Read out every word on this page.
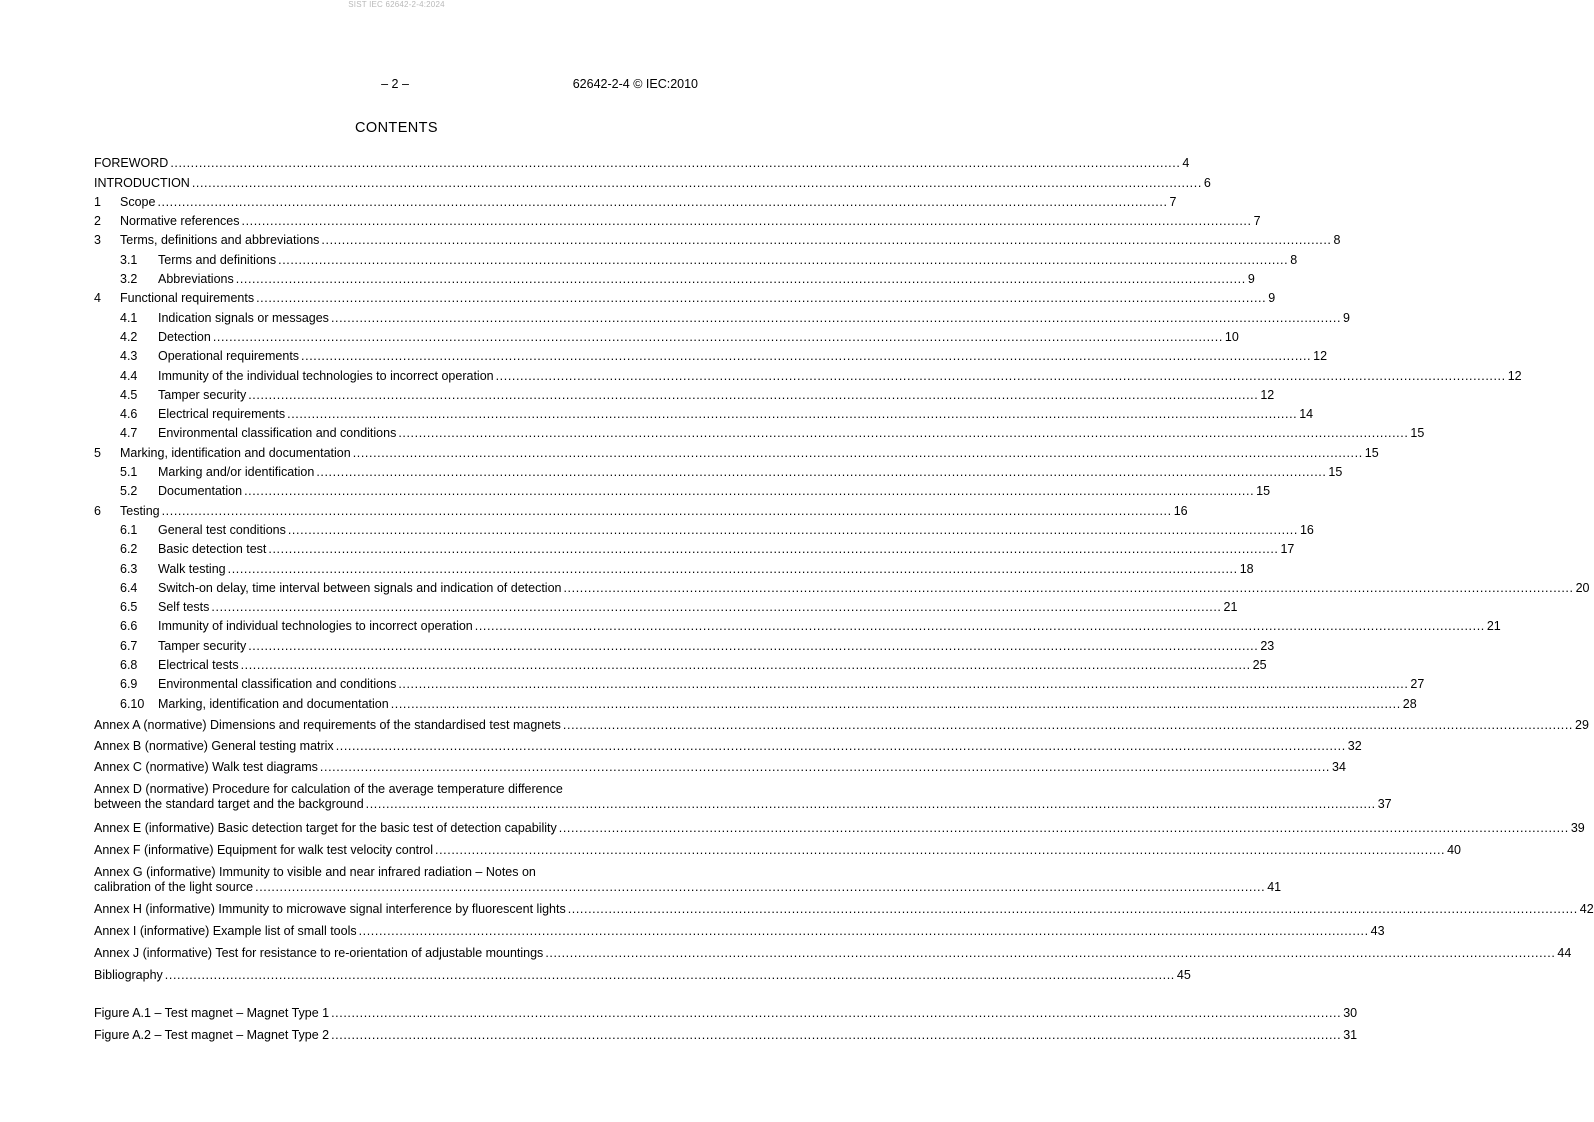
SIST IEC 62642-2-4:2024
– 2 –	62642-2-4 © IEC:2010
CONTENTS
FOREWORD .....	4
INTRODUCTION .....	6
1	Scope .....	7
2	Normative references .....	7
3	Terms, definitions and abbreviations .....	8
3.1	Terms and definitions .....	8
3.2	Abbreviations .....	9
4	Functional requirements .....	9
4.1	Indication signals or messages .....	9
4.2	Detection .....	10
4.3	Operational requirements .....	12
4.4	Immunity of the individual technologies to incorrect operation .....	12
4.5	Tamper security .....	12
4.6	Electrical requirements .....	14
4.7	Environmental classification and conditions .....	15
5	Marking, identification and documentation .....	15
5.1	Marking and/or identification .....	15
5.2	Documentation .....	15
6	Testing .....	16
6.1	General test conditions .....	16
6.2	Basic detection test .....	17
6.3	Walk testing .....	18
6.4	Switch-on delay, time interval between signals and indication of detection .....	20
6.5	Self tests .....	21
6.6	Immunity of individual technologies to incorrect operation .....	21
6.7	Tamper security .....	23
6.8	Electrical tests .....	25
6.9	Environmental classification and conditions .....	27
6.10	Marking, identification and documentation .....	28
Annex A (normative) Dimensions and requirements of the standardised test magnets .....	29
Annex B (normative) General testing matrix .....	32
Annex C (normative) Walk test diagrams .....	34
Annex D (normative) Procedure for calculation of the average temperature difference
between the standard target and the background .....	37
Annex E (informative) Basic detection target for the basic test of detection capability .....	39
Annex F (informative) Equipment for walk test velocity control .....	40
Annex G (informative) Immunity to visible and near infrared radiation – Notes on
calibration of the light source .....	41
Annex H (informative) Immunity to microwave signal interference by fluorescent lights .....	42
Annex I (informative) Example list of small tools .....	43
Annex J (informative) Test for resistance to re-orientation of adjustable mountings .....	44
Bibliography .....	45
Figure A.1 – Test magnet – Magnet Type 1 .....	30
Figure A.2 – Test magnet – Magnet Type 2 .....	31
